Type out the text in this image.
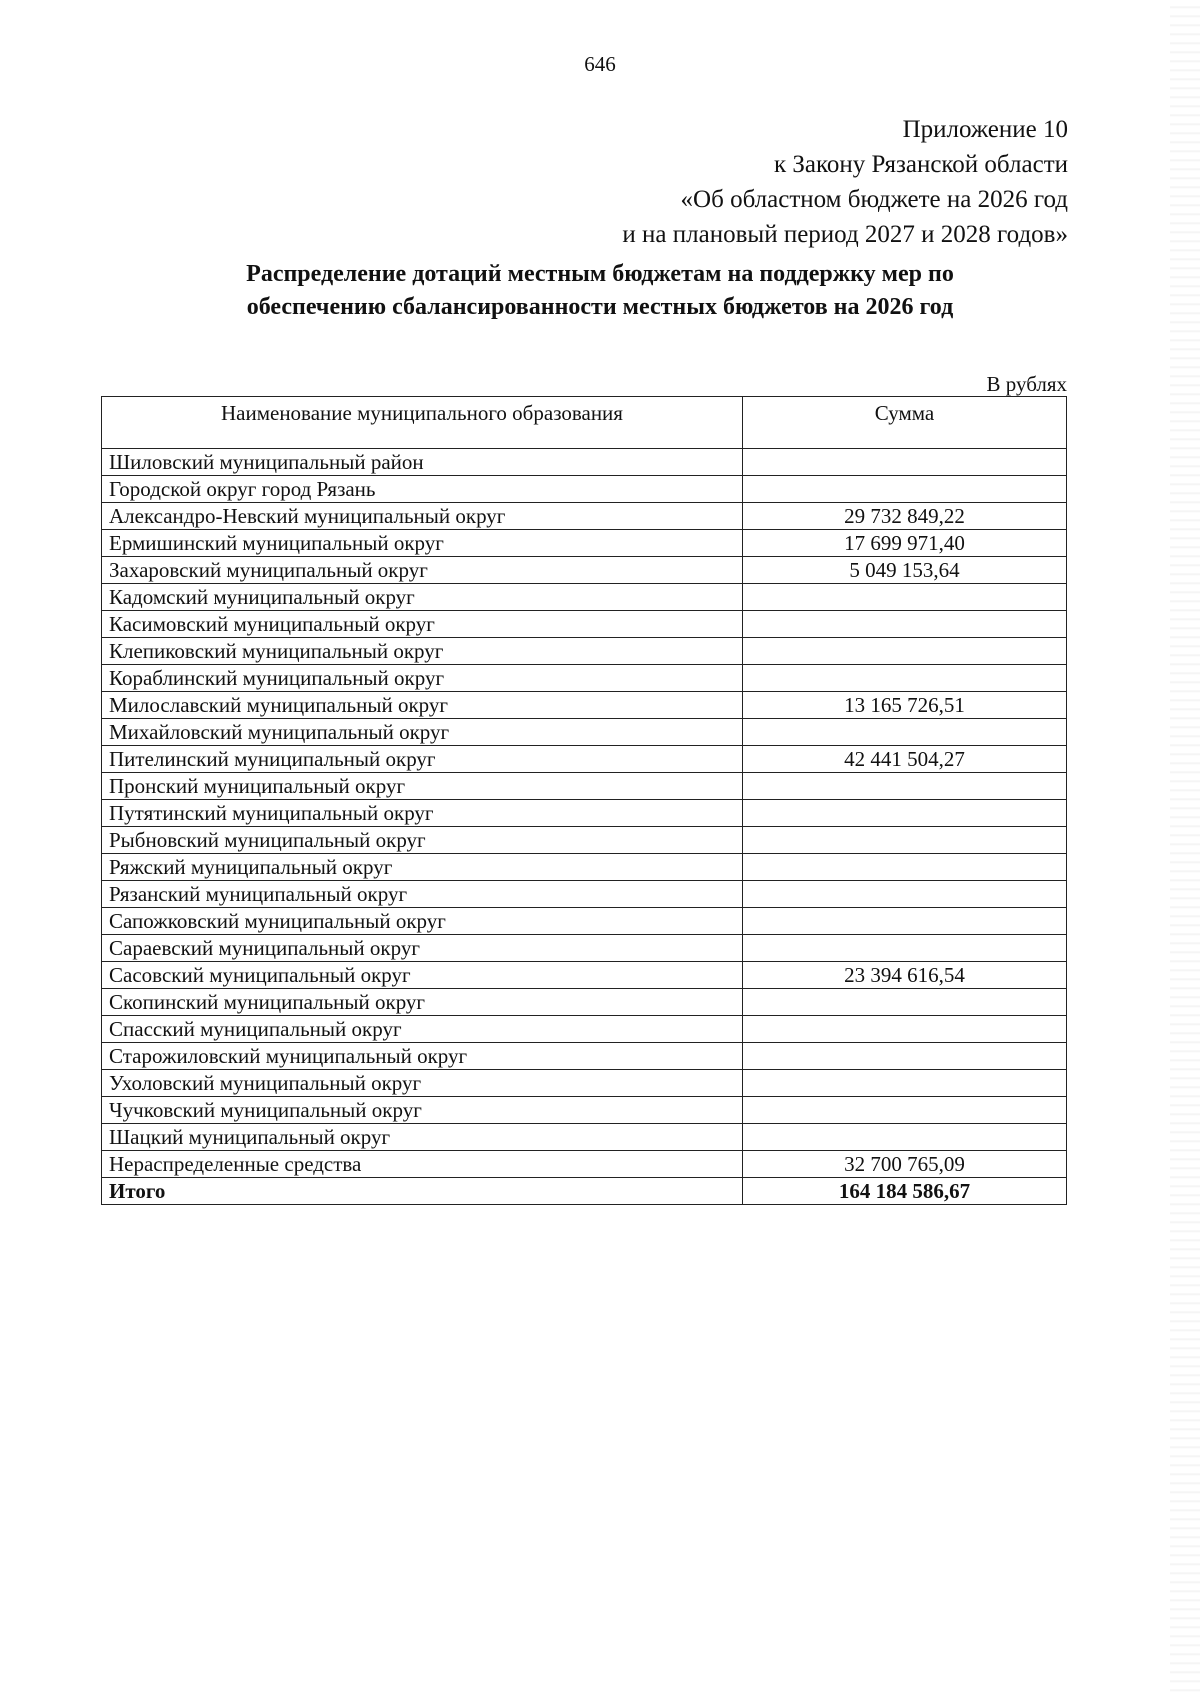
646
Приложение 10
к Закону Рязанской области
«Об областном бюджете на 2026 год
и на плановый период 2027 и 2028 годов»
Распределение дотаций местным бюджетам на поддержку мер по
обеспечению сбалансированности местных бюджетов на 2026 год
В рублях
Наименование муниципального образования	Сумма
Шиловский муниципальный район	
Городской округ город Рязань	
Александро-Невский муниципальный округ	29 732 849,22
Ермишинский муниципальный округ	17 699 971,40
Захаровский муниципальный округ	5 049 153,64
Кадомский муниципальный округ	
Касимовский муниципальный округ	
Клепиковский муниципальный округ	
Кораблинский муниципальный округ	
Милославский муниципальный округ	13 165 726,51
Михайловский муниципальный округ	
Пителинский муниципальный округ	42 441 504,27
Пронский муниципальный округ	
Путятинский муниципальный округ	
Рыбновский муниципальный округ	
Ряжский муниципальный округ	
Рязанский муниципальный округ	
Сапожковский муниципальный округ	
Сараевский муниципальный округ	
Сасовский муниципальный округ	23 394 616,54
Скопинский муниципальный округ	
Спасский муниципальный округ	
Старожиловский муниципальный округ	
Ухоловский муниципальный округ	
Чучковский муниципальный округ	
Шацкий муниципальный округ	
Нераспределенные средства	32 700 765,09
Итого	164 184 586,67
